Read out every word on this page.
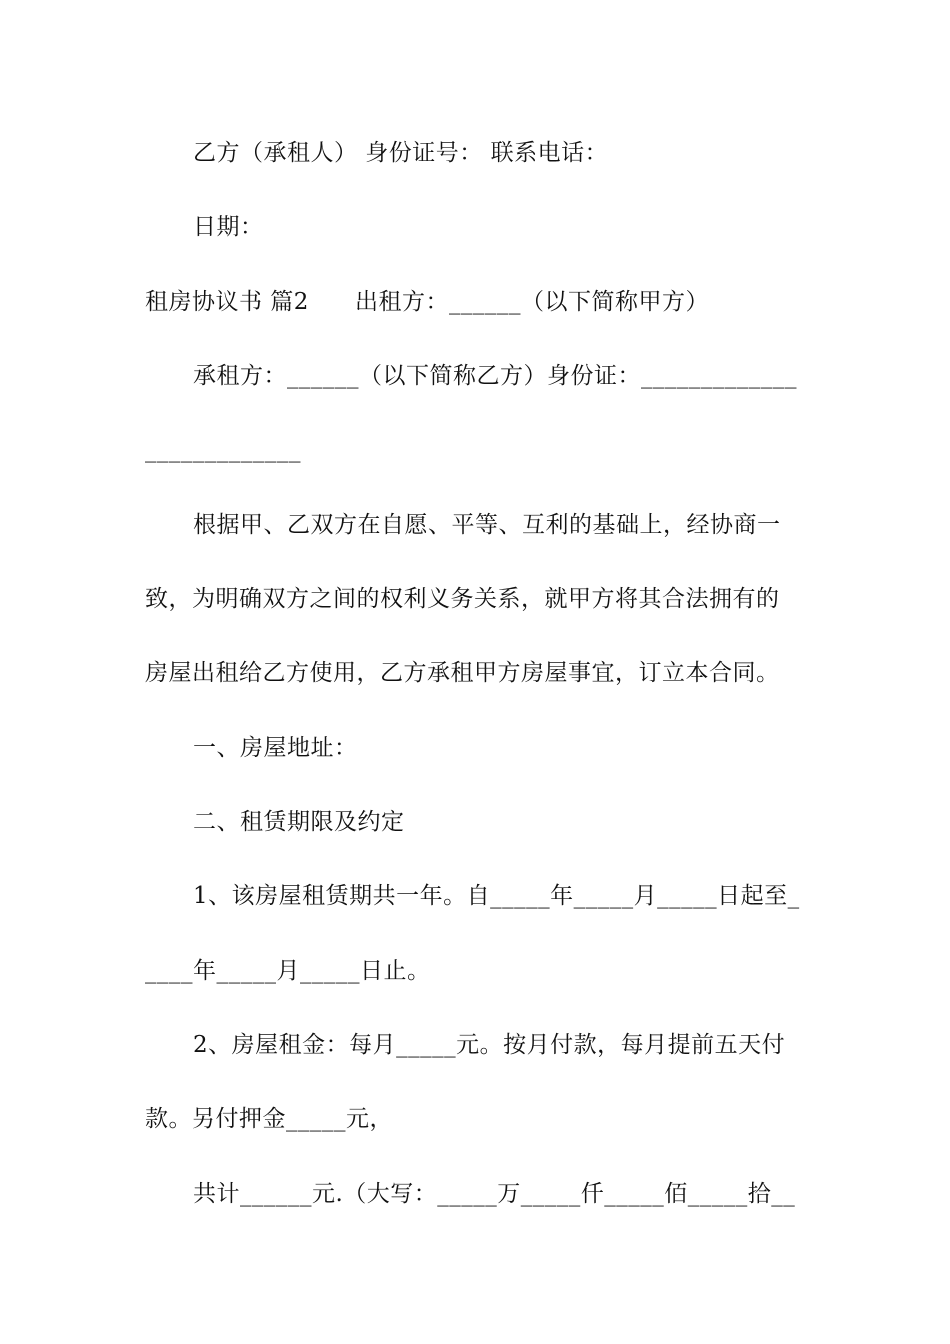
乙方（承租人） 身份证号： 联系电话：
日期：
租房协议书 篇2 出租方：______（以下简称甲方）
承租方：______（以下简称乙方）身份证：_____________
_____________
根据甲、乙双方在自愿、平等、互利的基础上，经协商一
致，为明确双方之间的权利义务关系，就甲方将其合法拥有的
房屋出租给乙方使用，乙方承租甲方房屋事宜，订立本合同。
一、房屋地址：
二、租赁期限及约定
1、该房屋租赁期共一年。自_____年_____月_____日起至_
____年_____月_____日止。
2、房屋租金：每月_____元。按月付款，每月提前五天付
款。另付押金_____元，
共计______元.（大写：_____万_____仟_____佰_____拾__
